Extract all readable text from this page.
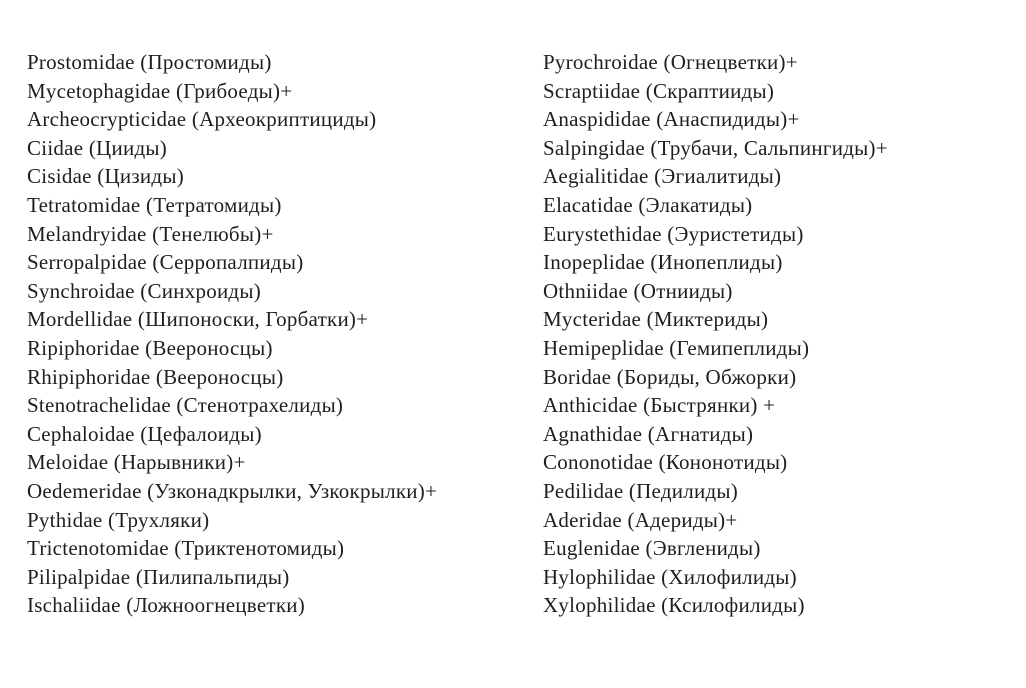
Prostomidae (Простомиды)
Mycetophagidae (Грибоеды)+
Archeocrypticidae (Археокриптициды)
Ciidae (Цииды)
Cisidae (Цизиды)
Tetratomidae (Тетратомиды)
Melandryidae (Тенелюбы)+
Serropalpidae (Серропалпиды)
Synchroidae (Синхроиды)
Mordellidae (Шипоноски, Горбатки)+
Ripiphoridae (Веероносцы)
Rhipiphoridae (Веероносцы)
Stenotrachelidae (Стенотрахелиды)
Cephaloidae (Цефалоиды)
Meloidae (Нарывники)+
Oedemeridae (Узконадкрылки, Узкокрылки)+
Pythidae (Трухляки)
Trictenotomidae (Триктенотомиды)
Pilipalpidae (Пилипальпиды)
Ischaliidae (Ложноогнецветки)
Pyrochroidae (Огнецветки)+
Scraptiidae (Скраптииды)
Anaspididae (Анаспидиды)+
Salpingidae (Трубачи, Сальпингиды)+
Aegialitidae (Эгиалитиды)
Elacatidae (Элакатиды)
Eurystethidae (Эуристетиды)
Inopeplidae (Инопеплиды)
Othniidae (Отнииды)
Mycteridae (Миктериды)
Hemipeplidae (Гемипеплиды)
Boridae (Бориды, Обжорки)
Anthicidae (Быстрянки) +
Agnathidae (Агнатиды)
Cononotidae (Кононотиды)
Pedilidae (Педилиды)
Aderidae (Адериды)+
Euglenidae (Эвглениды)
Hylophilidae (Хилофилиды)
Xylophilidae (Ксилофилиды)
